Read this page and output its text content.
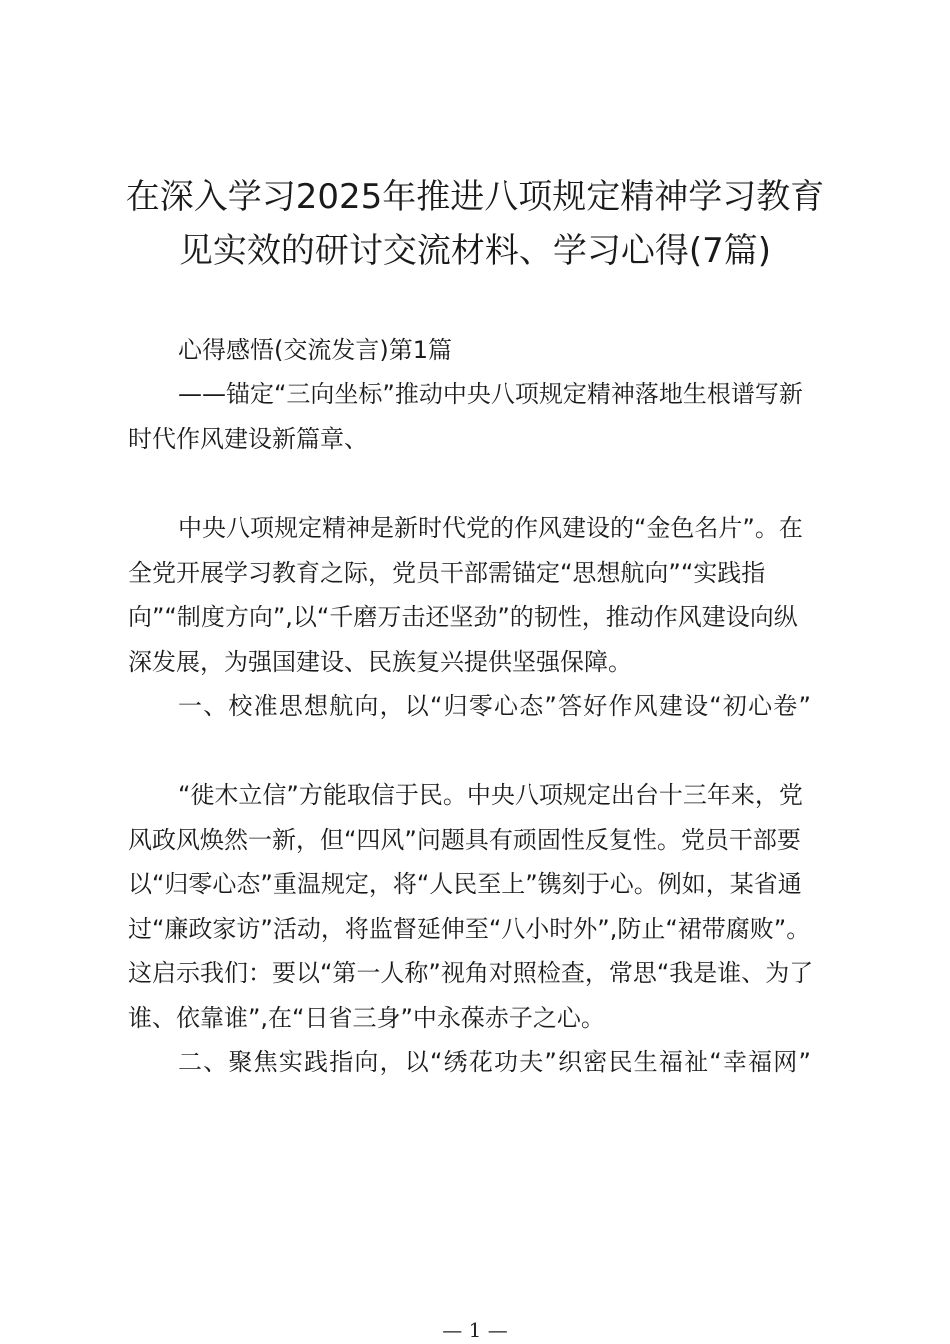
在深入学习2025年推进八项规定精神学习教育见实效的研讨交流材料、学习心得(7篇)

心得感悟(交流发言)第1篇

——锚定“三向坐标”推动中央八项规定精神落地生根谱写新时代作风建设新篇章、

中央八项规定精神是新时代党的作风建设的“金色名片”。在全党开展学习教育之际，党员干部需锚定“思想航向”“实践指向”“制度方向”,以“千磨万击还坚劲”的韧性，推动作风建设向纵深发展，为强国建设、民族复兴提供坚强保障。

一、校准思想航向，以“归零心态”答好作风建设“初心卷”

“徙木立信”方能取信于民。中央八项规定出台十三年来，党风政风焕然一新，但“四风”问题具有顽固性反复性。党员干部要以“归零心态”重温规定，将“人民至上”镌刻于心。例如，某省通过“廉政家访”活动，将监督延伸至“八小时外”,防止“裙带腐败”。这启示我们：要以“第一人称”视角对照检查，常思“我是谁、为了谁、依靠谁”,在“日省三身”中永葆赤子之心。

二、聚焦实践指向，以“绣花功夫”织密民生福祉“幸福网”

— 1 —
